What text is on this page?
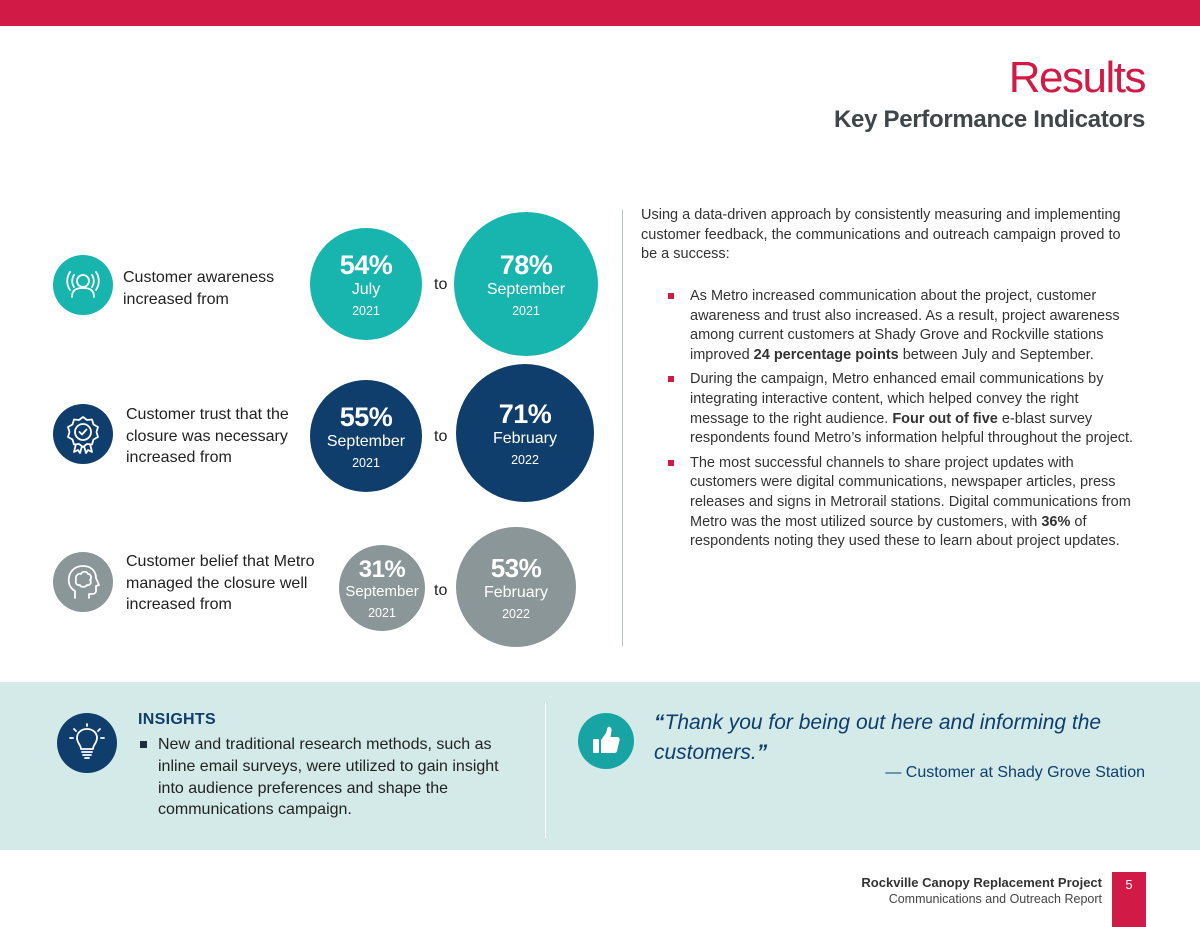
Results
Key Performance Indicators
Customer awareness
increased from
54%
July
2021
to
78%
September
2021
Customer trust that the
closure was necessary
increased from
55%
September
2021
to
71%
February
2022
Customer belief that Metro
managed the closure well
increased from
31%
September
2021
to
53%
February
2022

Using a data-driven approach by consistently measuring and implementing customer feedback, the communications and outreach campaign proved to be a success:

As Metro increased communication about the project, customer awareness and trust also increased. As a result, project awareness among current customers at Shady Grove and Rockville stations improved 24 percentage points between July and September.
During the campaign, Metro enhanced email communications by integrating interactive content, which helped convey the right message to the right audience. Four out of five e-blast survey respondents found Metro’s information helpful throughout the project.
The most successful channels to share project updates with customers were digital communications, newspaper articles, press releases and signs in Metrorail stations. Digital communications from Metro was the most utilized source by customers, with 36% of respondents noting they used these to learn about project updates.
INSIGHTS
New and traditional research methods, such as inline email surveys, were utilized to gain insight into audience preferences and shape the communications campaign.
“Thank you for being out here and informing the customers.”
— Customer at Shady Grove Station
Rockville Canopy Replacement Project
Communications and Outreach Report
5
